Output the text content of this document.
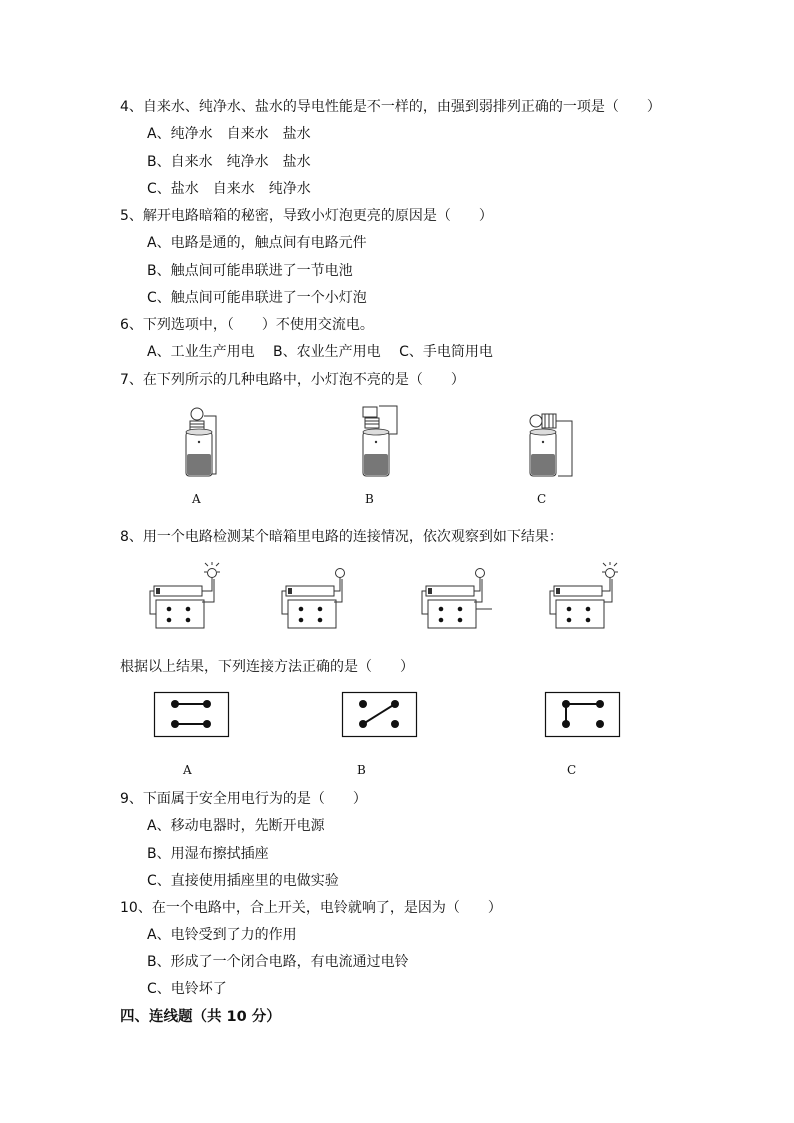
4、自来水、纯净水、盐水的导电性能是不一样的，由强到弱排列正确的一项是（　　）
A、纯净水　自来水　盐水
B、自来水　纯净水　盐水
C、盐水　自来水　纯净水
5、解开电路暗箱的秘密，导致小灯泡更亮的原因是（　　）
A、电路是通的，触点间有电路元件
B、触点间可能串联进了一节电池
C、触点间可能串联进了一个小灯泡
6、下列选项中，（　　）不使用交流电。
A、工业生产用电　 B、农业生产用电　 C、手电筒用电
7、在下列所示的几种电路中，小灯泡不亮的是（　　）
A	B	C
8、用一个电路检测某个暗箱里电路的连接情况，依次观察到如下结果：
根据以上结果，下列连接方法正确的是（　　）
A	B	C
9、下面属于安全用电行为的是（　　）
A、移动电器时，先断开电源
B、用湿布擦拭插座
C、直接使用插座里的电做实验
10、在一个电路中，合上开关，电铃就响了，是因为（　　）
A、电铃受到了力的作用
B、形成了一个闭合电路，有电流通过电铃
C、电铃坏了
四、连线题（共 10 分）
